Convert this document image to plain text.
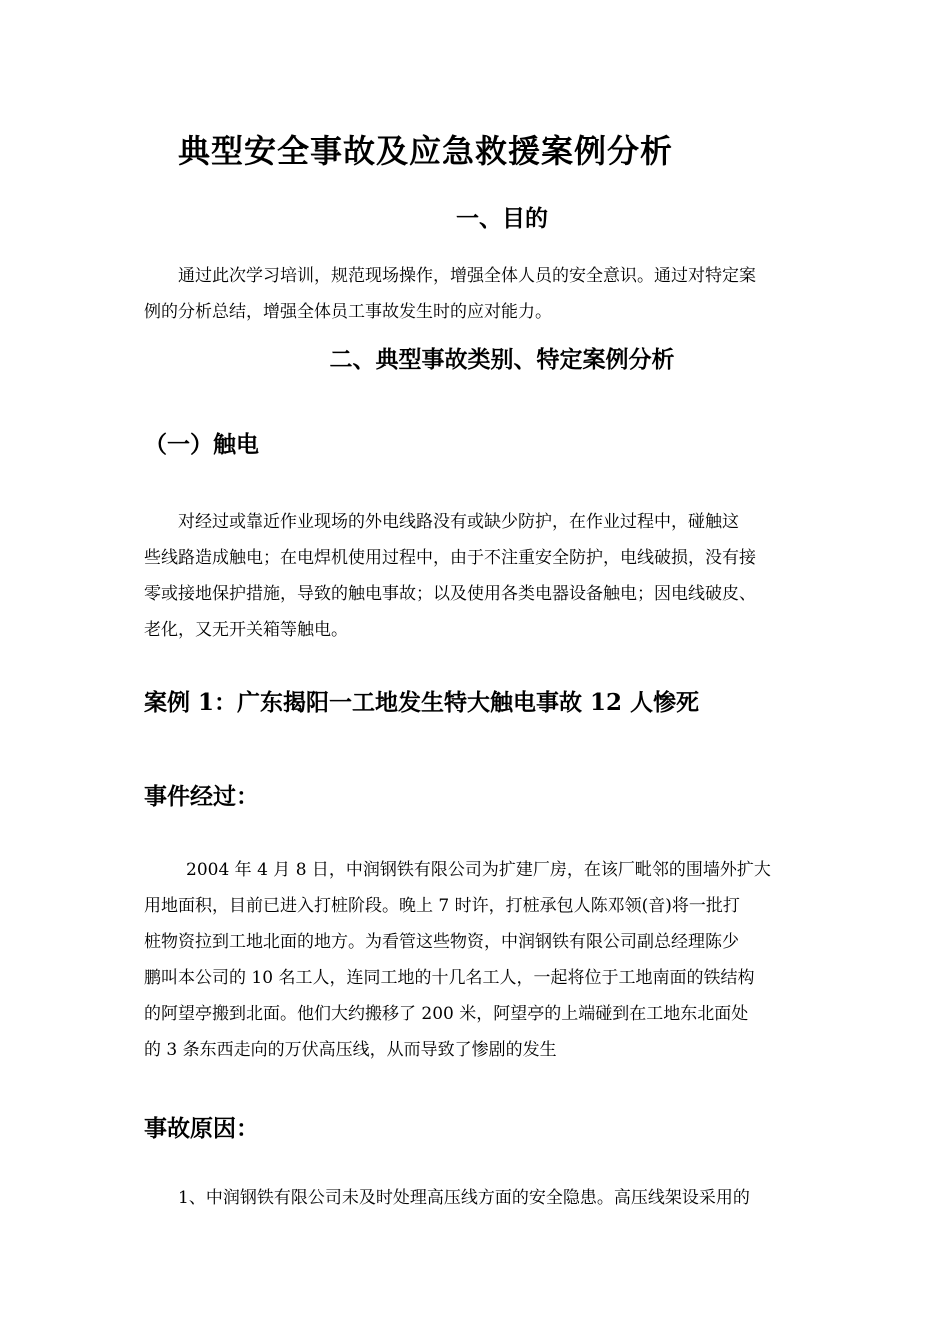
典型安全事故及应急救援案例分析
一、目的
通过此次学习培训，规范现场操作，增强全体人员的安全意识。通过对特定案
例的分析总结，增强全体员工事故发生时的应对能力。
二、典型事故类别、特定案例分析
（一）触电
对经过或靠近作业现场的外电线路没有或缺少防护，在作业过程中，碰触这
些线路造成触电；在电焊机使用过程中，由于不注重安全防护，电线破损，没有接
零或接地保护措施，导致的触电事故；以及使用各类电器设备触电；因电线破皮、
老化，又无开关箱等触电。
案例 1：广东揭阳一工地发生特大触电事故 12 人惨死
事件经过：
2004 年 4 月 8 日，中润钢铁有限公司为扩建厂房，在该厂毗邻的围墙外扩大
用地面积，目前已进入打桩阶段。晚上 7 时许，打桩承包人陈邓领(音)将一批打
桩物资拉到工地北面的地方。为看管这些物资，中润钢铁有限公司副总经理陈少
鹏叫本公司的 10 名工人，连同工地的十几名工人，一起将位于工地南面的铁结构
的阿望亭搬到北面。他们大约搬移了 200 米，阿望亭的上端碰到在工地东北面处
的 3 条东西走向的万伏高压线，从而导致了惨剧的发生
事故原因：
1、中润钢铁有限公司未及时处理高压线方面的安全隐患。高压线架设采用的
